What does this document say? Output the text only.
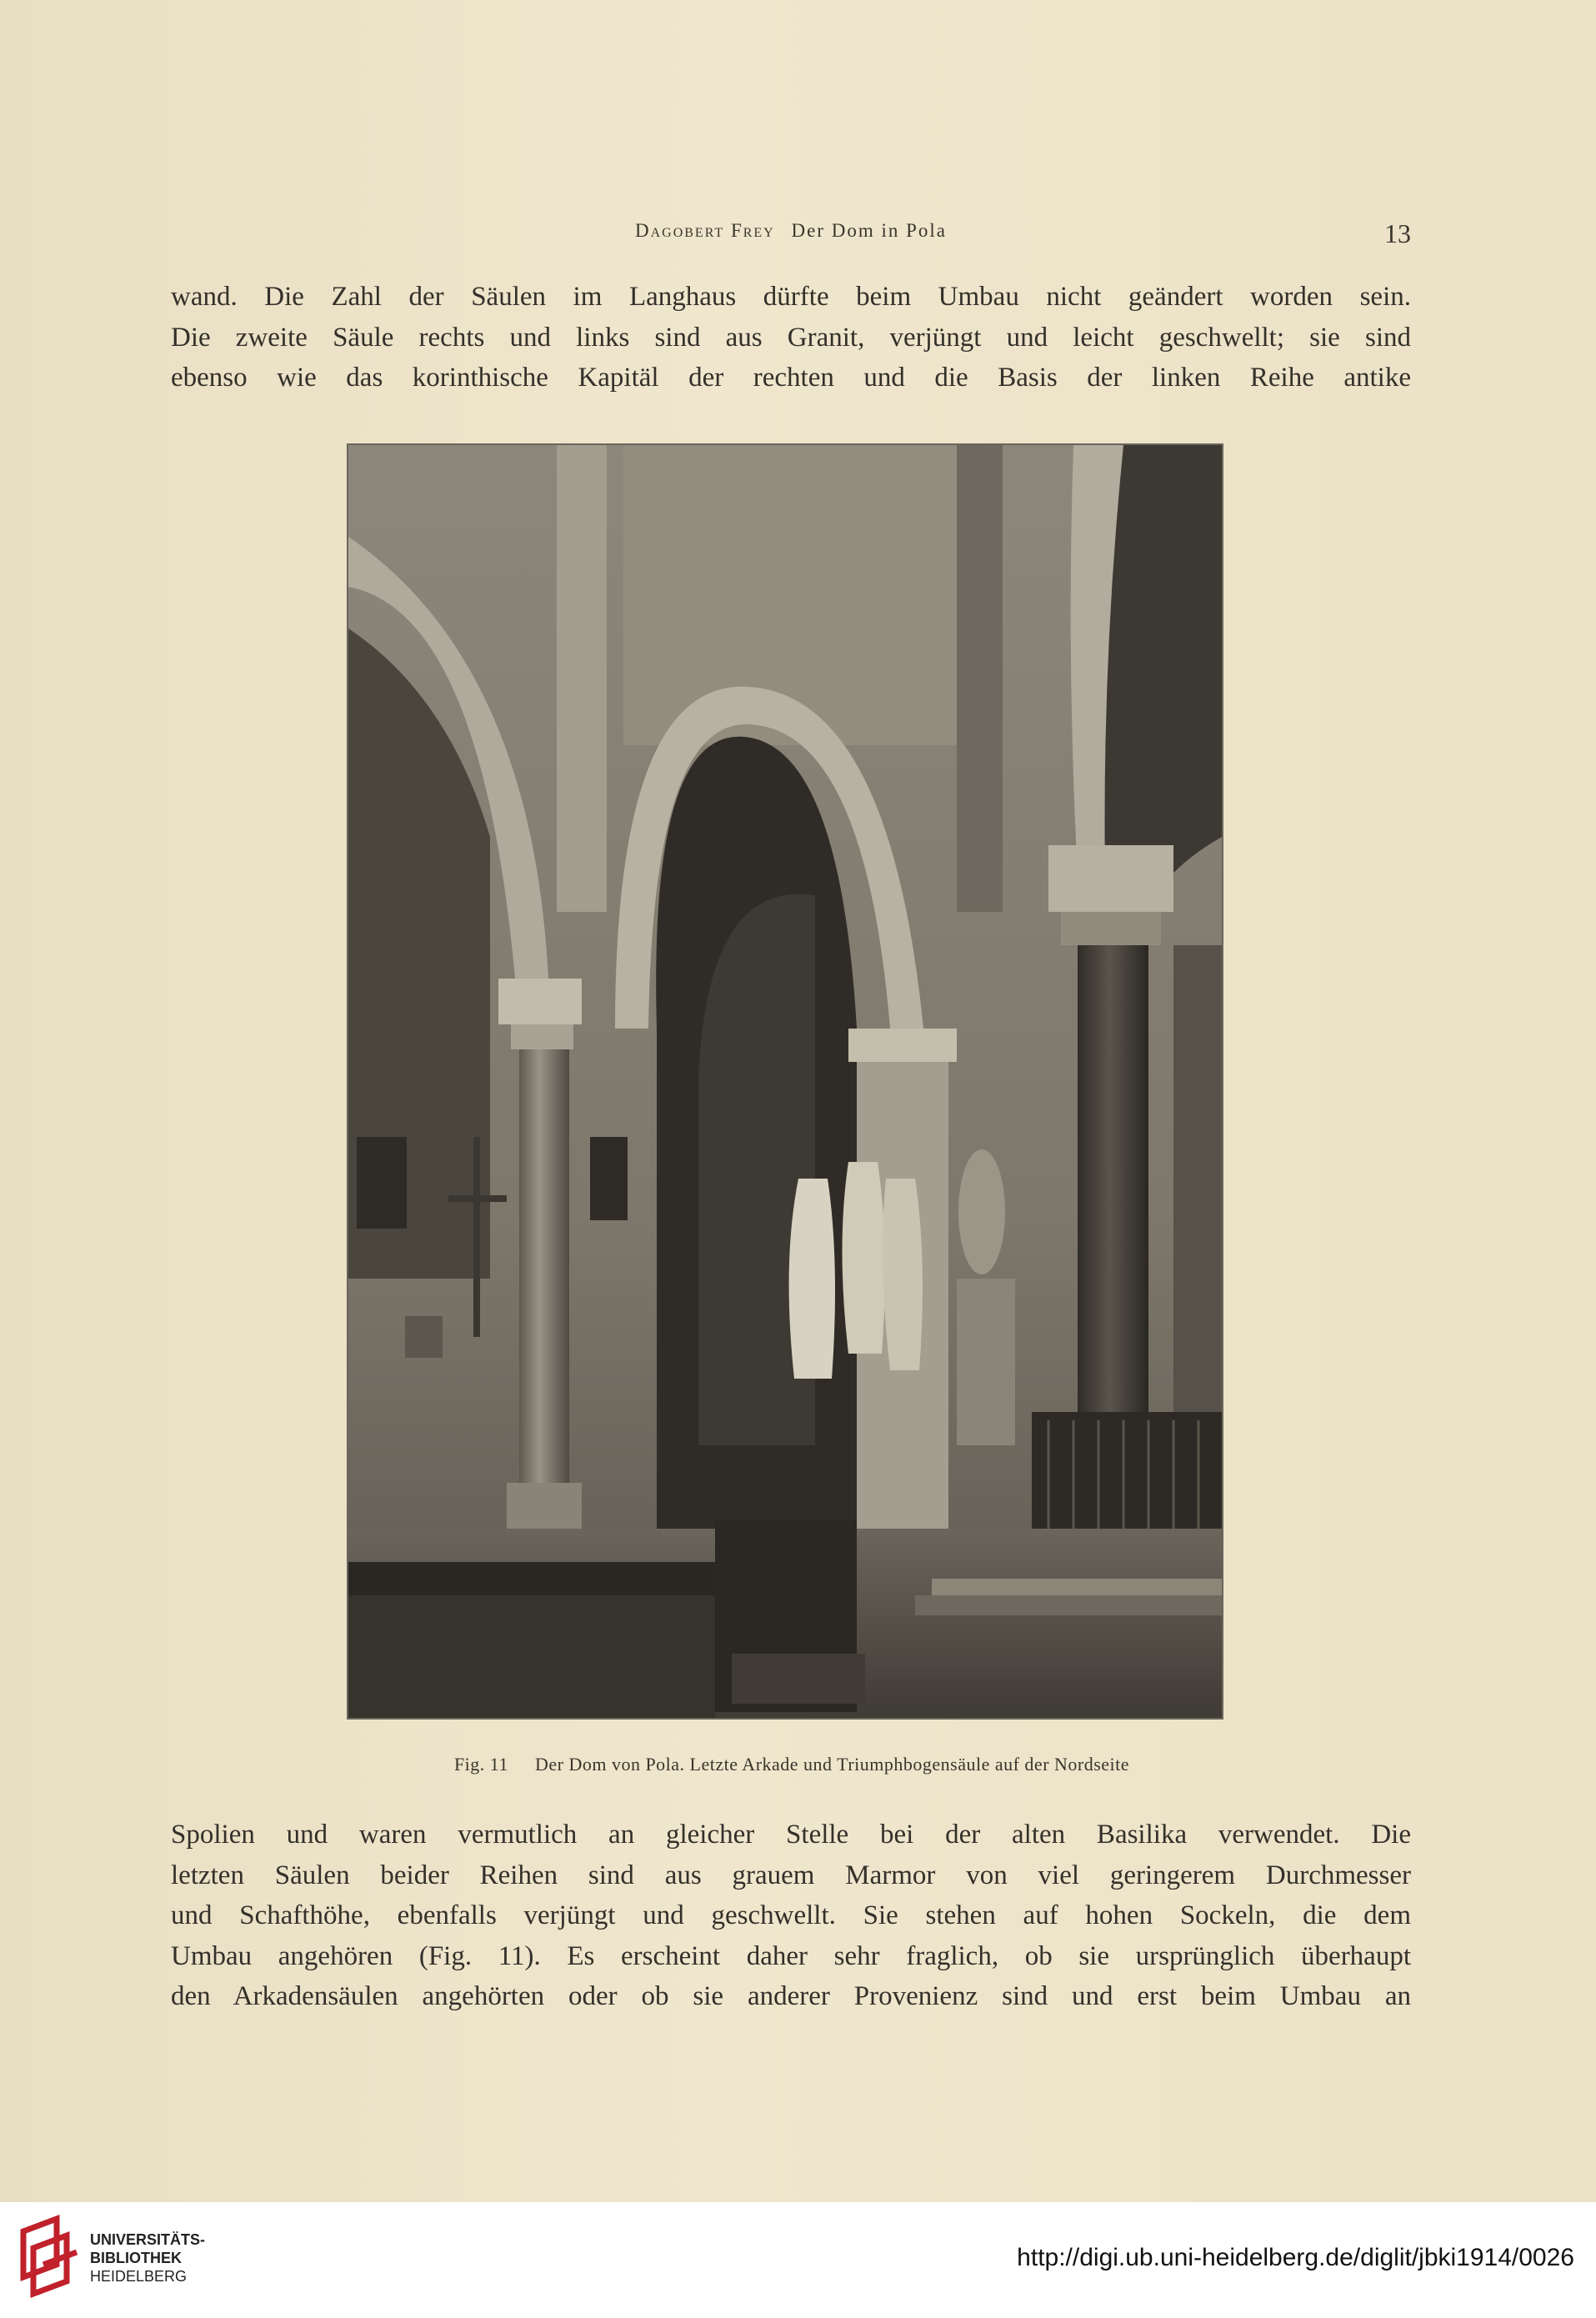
Dagobert Frey Der Dom in Pola	13
wand. Die Zahl der Säulen im Langhaus dürfte beim Umbau nicht geändert worden sein.
Die zweite Säule rechts und links sind aus Granit, verjüngt und leicht geschwellt; sie sind
ebenso wie das korinthische Kapitäl der rechten und die Basis der linken Reihe antike
Fig. 11 Der Dom von Pola. Letzte Arkade und Triumphbogensäule auf der Nordseite
Spolien und waren vermutlich an gleicher Stelle bei der alten Basilika verwendet. Die
letzten Säulen beider Reihen sind aus grauem Marmor von viel geringerem Durchmesser
und Schafthöhe, ebenfalls verjüngt und geschwellt. Sie stehen auf hohen Sockeln, die dem
Umbau angehören (Fig. 11). Es erscheint daher sehr fraglich, ob sie ursprünglich überhaupt
den Arkadensäulen angehörten oder ob sie anderer Provenienz sind und erst beim Umbau an
UNIVERSITÄTS-
BIBLIOTHEK
HEIDELBERG
http://digi.ub.uni-heidelberg.de/diglit/jbki1914/0026
